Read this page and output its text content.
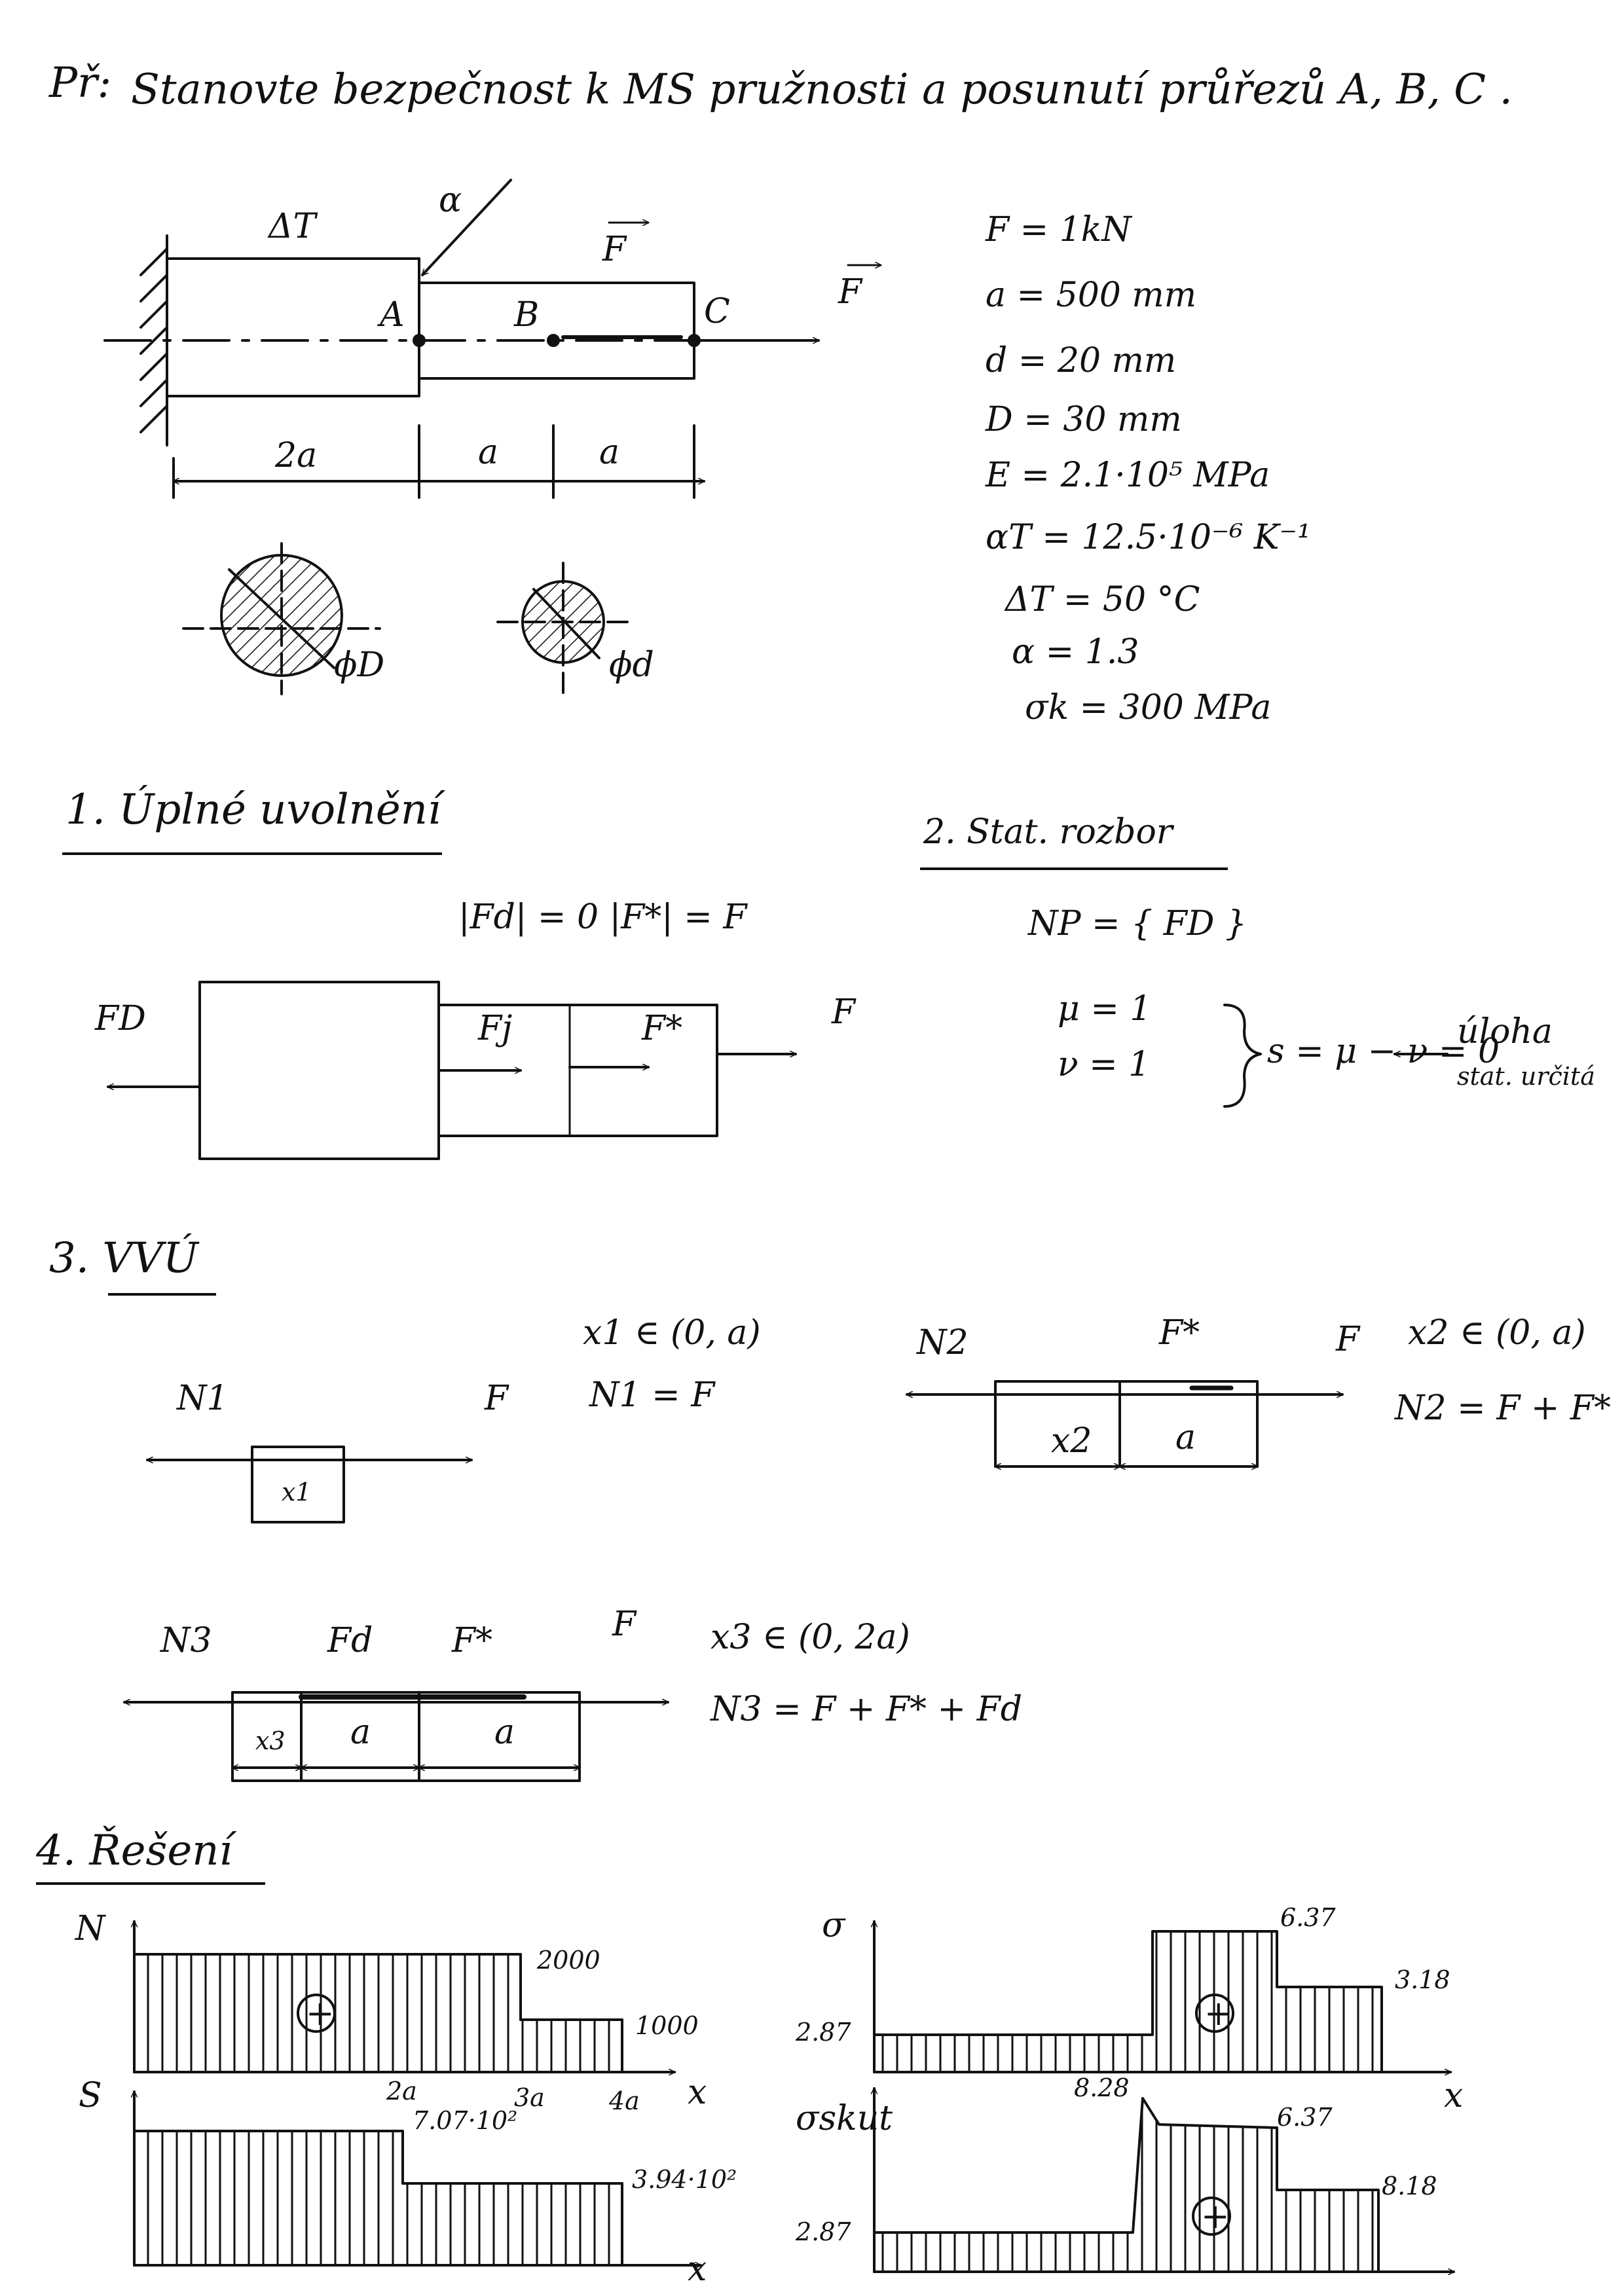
Př: Stanovte bezpečnost k MS pružnosti a posunutí průřezů A, B, C .
ΔT
α
F
F
A	B	C
2a	a	a
ϕD	ϕd
F = 1kN
a = 500 mm
d = 20 mm
D = 30 mm
E = 2.1·10⁵ MPa
αT = 12.5·10⁻⁶ K⁻¹
ΔT = 50 °C
α = 1.3
σk = 300 MPa
1. Úplné uvolnění
|Fd| = 0 |F*| = F
FD	Fj	F*	F
2. Stat. rozbor
NP = { FD }
μ = 1
ν = 1	s = μ − ν = 0
úloha
stat. určitá
3. VVÚ
N1	F
x1
x1 ∈ (0, a)
N1 = F
N2	F*	F
x2 a
x2 ∈ (0, a)
N2 = F + F*
N3	Fd F*	F
x3 a	a
x3 ∈ (0, 2a)
N3 = F + F* + Fd
4. Řešení
N
+
2000
1000
x
2a	3a	4a
S
7.07·10²
3.94·10²
x
σ
+
6.37
3.18
2.87
8.28	x
σskut
+
6.37
8.18
2.87
